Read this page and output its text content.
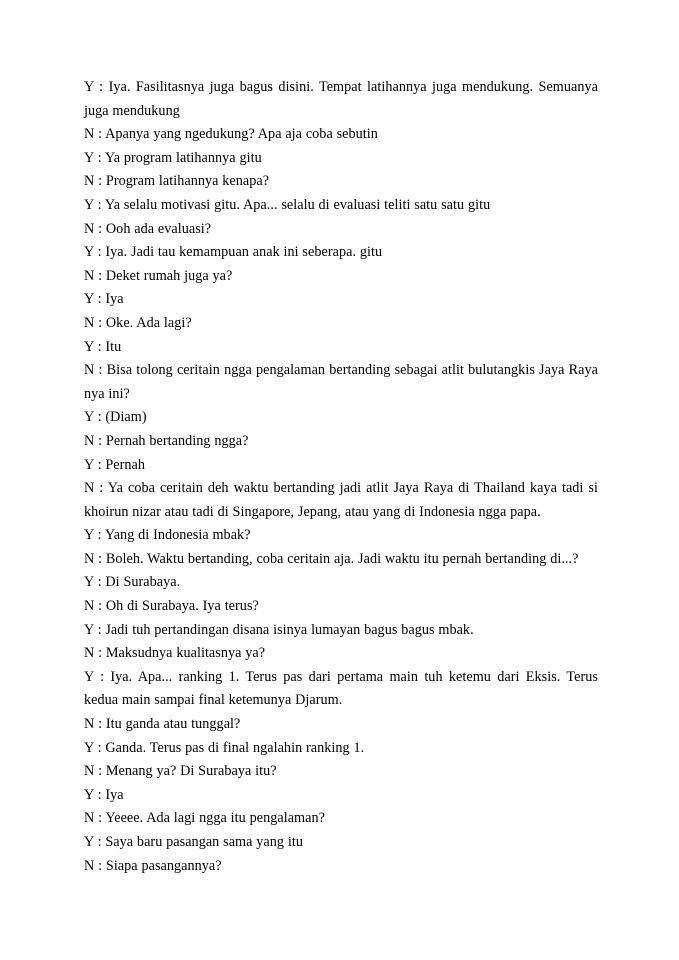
Y : Iya. Fasilitasnya juga bagus disini. Tempat latihannya juga mendukung. Semuanya juga mendukung

N : Apanya yang ngedukung? Apa aja coba sebutin

Y : Ya program latihannya gitu

N : Program latihannya kenapa?

Y : Ya selalu motivasi gitu. Apa... selalu di evaluasi teliti satu satu gitu

N : Ooh ada evaluasi?

Y : Iya. Jadi tau kemampuan anak ini seberapa. gitu

N : Deket rumah juga ya?

Y : Iya

N : Oke. Ada lagi?

Y : Itu

N : Bisa tolong ceritain ngga pengalaman bertanding sebagai atlit bulutangkis Jaya Raya nya ini?

Y : (Diam)

N : Pernah bertanding ngga?

Y : Pernah

N : Ya coba ceritain deh waktu bertanding jadi atlit Jaya Raya di Thailand kaya tadi si khoirun nizar atau tadi di Singapore, Jepang, atau yang di Indonesia ngga papa.

Y : Yang di Indonesia mbak?

N : Boleh. Waktu bertanding, coba ceritain aja. Jadi waktu itu pernah bertanding di...?

Y : Di Surabaya.

N : Oh di Surabaya. Iya terus?

Y : Jadi tuh pertandingan disana isinya lumayan bagus bagus mbak.

N : Maksudnya kualitasnya ya?

Y : Iya. Apa... ranking 1. Terus pas dari pertama main tuh ketemu dari Eksis. Terus kedua main sampai final ketemunya Djarum.

N : Itu ganda atau tunggal?

Y : Ganda. Terus pas di final ngalahin ranking 1.

N : Menang ya? Di Surabaya itu?

Y : Iya

N : Yeeee. Ada lagi ngga itu pengalaman?

Y : Saya baru pasangan sama yang itu

N : Siapa pasangannya?
